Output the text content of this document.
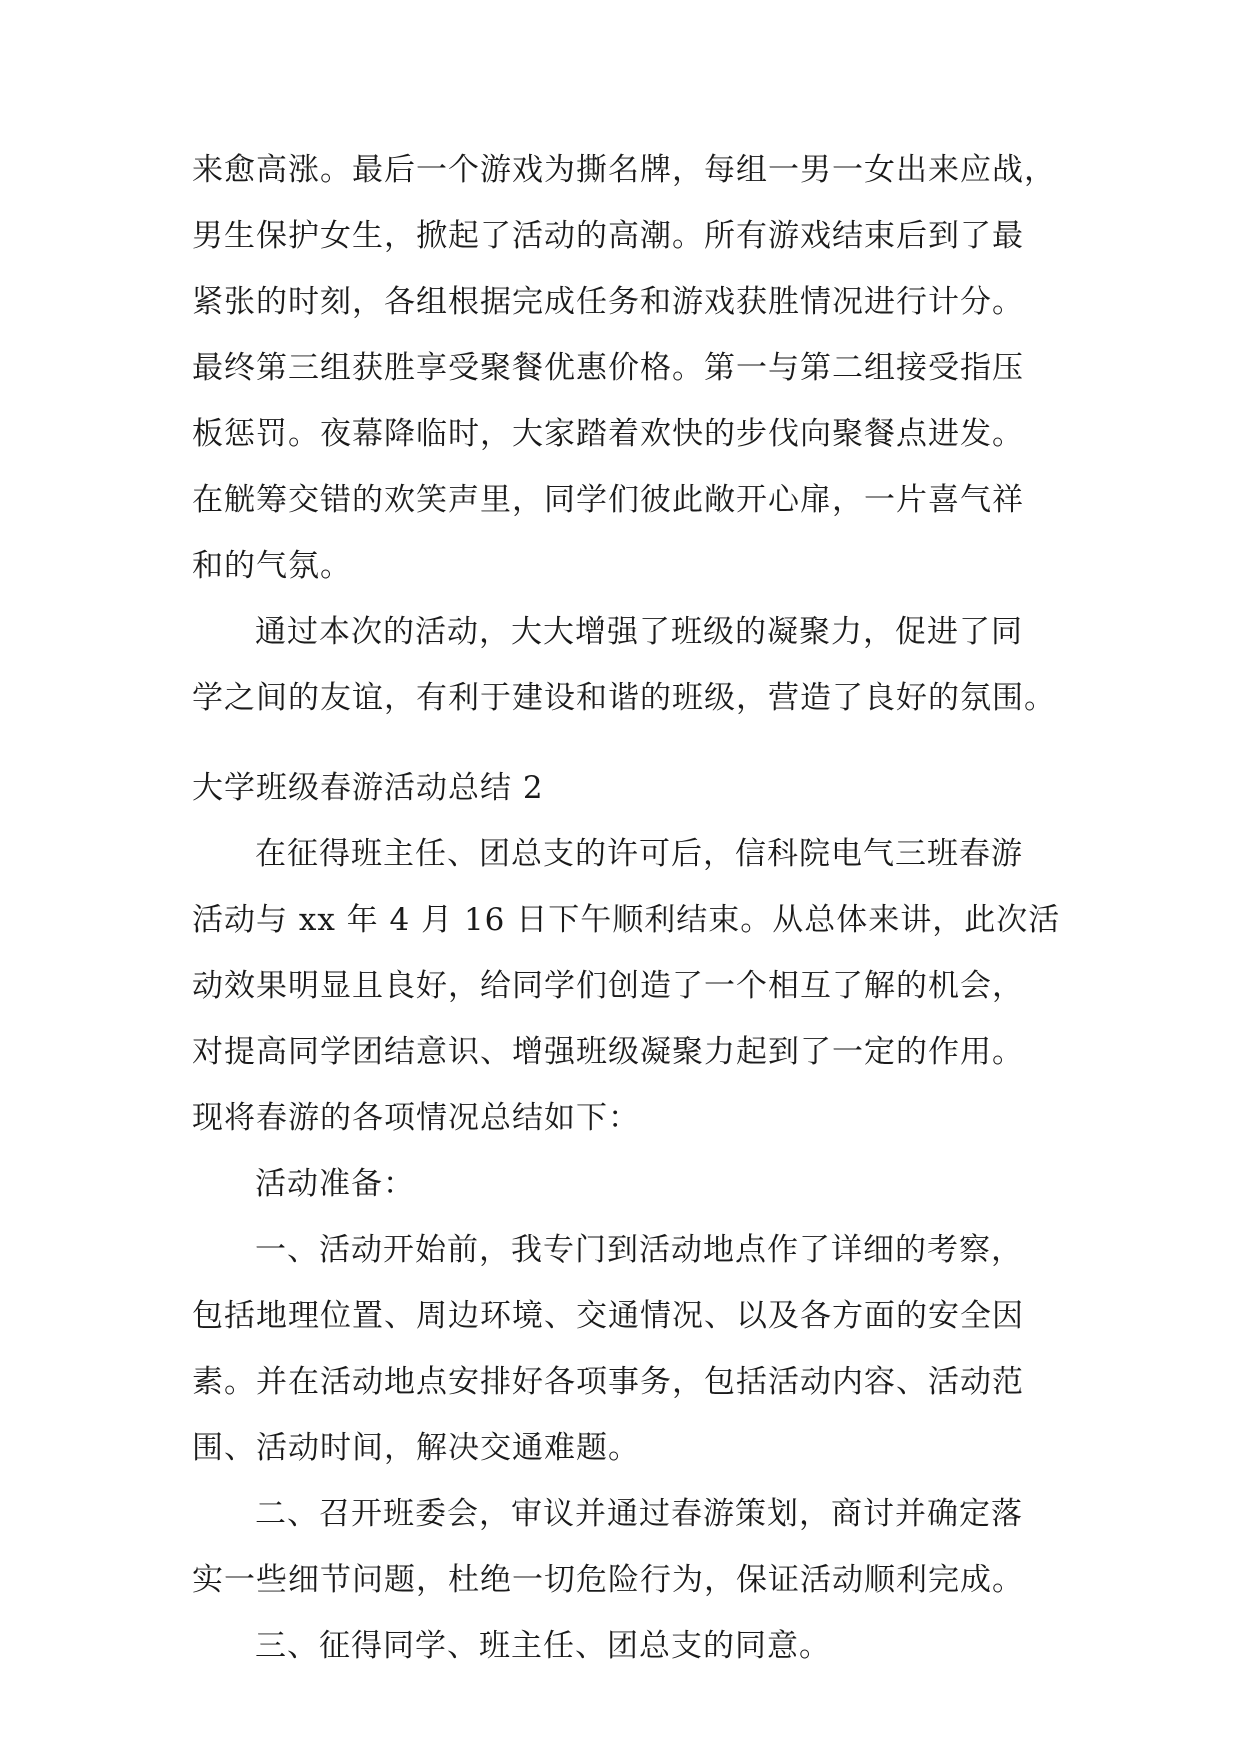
来愈高涨。最后一个游戏为撕名牌，每组一男一女出来应战，

男生保护女生，掀起了活动的高潮。所有游戏结束后到了最

紧张的时刻，各组根据完成任务和游戏获胜情况进行计分。

最终第三组获胜享受聚餐优惠价格。第一与第二组接受指压

板惩罚。夜幕降临时，大家踏着欢快的步伐向聚餐点进发。

在觥筹交错的欢笑声里，同学们彼此敞开心扉，一片喜气祥

和的气氛。

通过本次的活动，大大增强了班级的凝聚力，促进了同

学之间的友谊，有利于建设和谐的班级，营造了良好的氛围。

大学班级春游活动总结 2

在征得班主任、团总支的许可后，信科院电气三班春游

活动与 xx 年 4 月 16 日下午顺利结束。从总体来讲，此次活

动效果明显且良好，给同学们创造了一个相互了解的机会，

对提高同学团结意识、增强班级凝聚力起到了一定的作用。

现将春游的各项情况总结如下：

活动准备：

一、活动开始前，我专门到活动地点作了详细的考察，

包括地理位置、周边环境、交通情况、以及各方面的安全因

素。并在活动地点安排好各项事务，包括活动内容、活动范

围、活动时间，解决交通难题。

二、召开班委会，审议并通过春游策划，商讨并确定落

实一些细节问题，杜绝一切危险行为，保证活动顺利完成。

三、征得同学、班主任、团总支的同意。
